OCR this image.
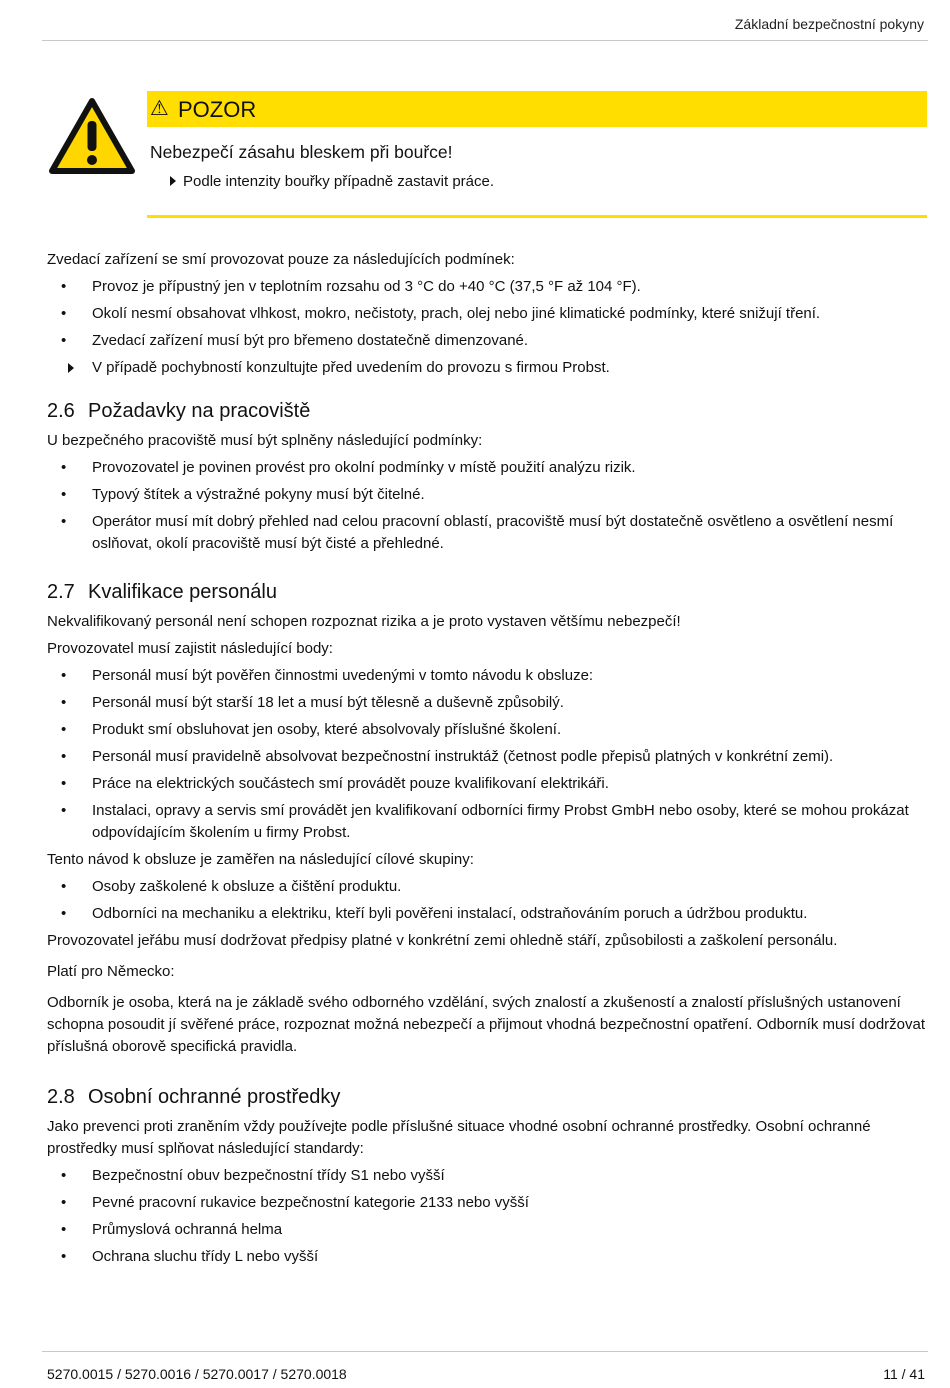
Základní bezpečnostní pokyny
⚠ POZOR
Nebezpečí zásahu bleskem při bouřce!
Podle intenzity bouřky případně zastavit práce.

Zvedací zařízení se smí provozovat pouze za následujících podmínek:

• Provoz je přípustný jen v teplotním rozsahu od 3 °C do +40 °C (37,5 °F až 104 °F).
• Okolí nesmí obsahovat vlhkost, mokro, nečistoty, prach, olej nebo jiné klimatické podmínky, které snižují tření.
• Zvedací zařízení musí být pro břemeno dostatečně dimenzované.

V případě pochybností konzultujte před uvedením do provozu s firmou Probst.

2.6 Požadavky na pracoviště

U bezpečného pracoviště musí být splněny následující podmínky:

• Provozovatel je povinen provést pro okolní podmínky v místě použití analýzu rizik.
• Typový štítek a výstražné pokyny musí být čitelné.
• Operátor musí mít dobrý přehled nad celou pracovní oblastí, pracoviště musí být dostatečně osvětleno a osvětlení nesmí oslňovat, okolí pracoviště musí být čisté a přehledné.
2.7 Kvalifikace personálu

Nekvalifikovaný personál není schopen rozpoznat rizika a je proto vystaven většímu nebezpečí!

Provozovatel musí zajistit následující body:

• Personál musí být pověřen činnostmi uvedenými v tomto návodu k obsluze:
• Personál musí být starší 18 let a musí být tělesně a duševně způsobilý.
• Produkt smí obsluhovat jen osoby, které absolvovaly příslušné školení.
• Personál musí pravidelně absolvovat bezpečnostní instruktáž (četnost podle přepisů platných v konkrétní zemi).
• Práce na elektrických součástech smí provádět pouze kvalifikovaní elektrikáři.
• Instalaci, opravy a servis smí provádět jen kvalifikovaní odborníci firmy Probst GmbH nebo osoby, které se mohou prokázat odpovídajícím školením u firmy Probst.

Tento návod k obsluze je zaměřen na následující cílové skupiny:

• Osoby zaškolené k obsluze a čištění produktu.
• Odborníci na mechaniku a elektriku, kteří byli pověřeni instalací, odstraňováním poruch a údržbou produktu.

Provozovatel jeřábu musí dodržovat předpisy platné v konkrétní zemi ohledně stáří, způsobilosti a zaškolení personálu.

Platí pro Německo:

Odborník je osoba, která na je základě svého odborného vzdělání, svých znalostí a zkušeností a znalostí příslušných ustanovení schopna posoudit jí svěřené práce, rozpoznat možná nebezpečí a přijmout vhodná bezpečnostní opatření. Odborník musí dodržovat příslušná oborově specifická pravidla.

2.8 Osobní ochranné prostředky

Jako prevenci proti zraněním vždy používejte podle příslušné situace vhodné osobní ochranné prostředky. Osobní ochranné prostředky musí splňovat následující standardy:

• Bezpečnostní obuv bezpečnostní třídy S1 nebo vyšší
• Pevné pracovní rukavice bezpečnostní kategorie 2133 nebo vyšší
• Průmyslová ochranná helma
• Ochrana sluchu třídy L nebo vyšší
5270.0015 / 5270.0016 / 5270.0017 / 5270.0018	11 / 41
